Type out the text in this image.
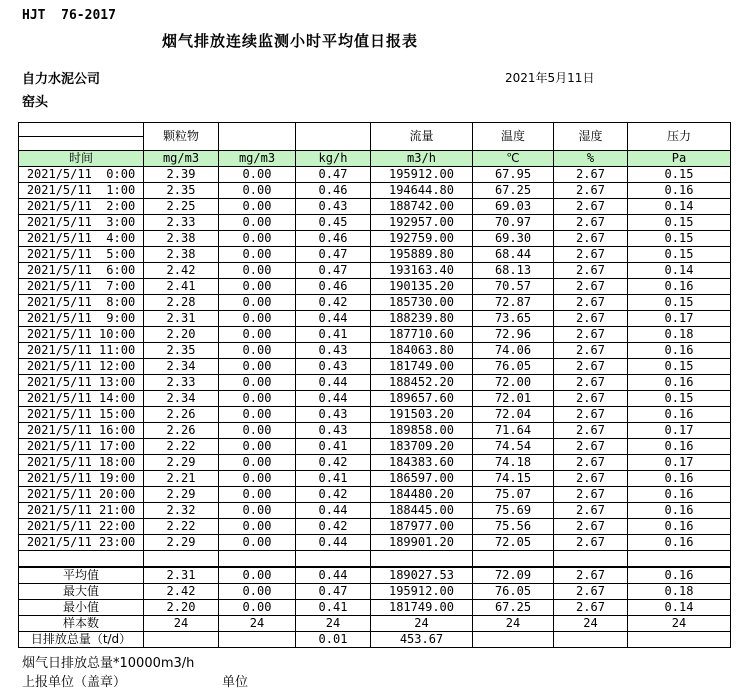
HJT  76-2017
烟气排放连续监测小时平均值日报表
自力水泥公司
窑头
2021年5月11日
	颗粒物			流量	温度	湿度	压力

时间	mg/m3	mg/m3	kg/h	m3/h	℃	%	Pa
2021/5/11  0:00	2.39	0.00	0.47	195912.00	67.95	2.67	0.15
2021/5/11  1:00	2.35	0.00	0.46	194644.80	67.25	2.67	0.16
2021/5/11  2:00	2.25	0.00	0.43	188742.00	69.03	2.67	0.14
2021/5/11  3:00	2.33	0.00	0.45	192957.00	70.97	2.67	0.15
2021/5/11  4:00	2.38	0.00	0.46	192759.00	69.30	2.67	0.15
2021/5/11  5:00	2.38	0.00	0.47	195889.80	68.44	2.67	0.15
2021/5/11  6:00	2.42	0.00	0.47	193163.40	68.13	2.67	0.14
2021/5/11  7:00	2.41	0.00	0.46	190135.20	70.57	2.67	0.16
2021/5/11  8:00	2.28	0.00	0.42	185730.00	72.87	2.67	0.15
2021/5/11  9:00	2.31	0.00	0.44	188239.80	73.65	2.67	0.17
2021/5/11 10:00	2.20	0.00	0.41	187710.60	72.96	2.67	0.18
2021/5/11 11:00	2.35	0.00	0.43	184063.80	74.06	2.67	0.16
2021/5/11 12:00	2.34	0.00	0.43	181749.00	76.05	2.67	0.15
2021/5/11 13:00	2.33	0.00	0.44	188452.20	72.00	2.67	0.16
2021/5/11 14:00	2.34	0.00	0.44	189657.60	72.01	2.67	0.15
2021/5/11 15:00	2.26	0.00	0.43	191503.20	72.04	2.67	0.16
2021/5/11 16:00	2.26	0.00	0.43	189858.00	71.64	2.67	0.17
2021/5/11 17:00	2.22	0.00	0.41	183709.20	74.54	2.67	0.16
2021/5/11 18:00	2.29	0.00	0.42	184383.60	74.18	2.67	0.17
2021/5/11 19:00	2.21	0.00	0.41	186597.00	74.15	2.67	0.16
2021/5/11 20:00	2.29	0.00	0.42	184480.20	75.07	2.67	0.16
2021/5/11 21:00	2.32	0.00	0.44	188445.00	75.69	2.67	0.16
2021/5/11 22:00	2.22	0.00	0.42	187977.00	75.56	2.67	0.16
2021/5/11 23:00	2.29	0.00	0.44	189901.20	72.05	2.67	0.16

平均值	2.31	0.00	0.44	189027.53	72.09	2.67	0.16
最大值	2.42	0.00	0.47	195912.00	76.05	2.67	0.18
最小值	2.20	0.00	0.41	181749.00	67.25	2.67	0.14
样本数	24	24	24	24	24	24	24
日排放总量（t/d）			0.01	453.67			
烟气日排放总量*10000m3/h
上报单位（盖章）	单位
